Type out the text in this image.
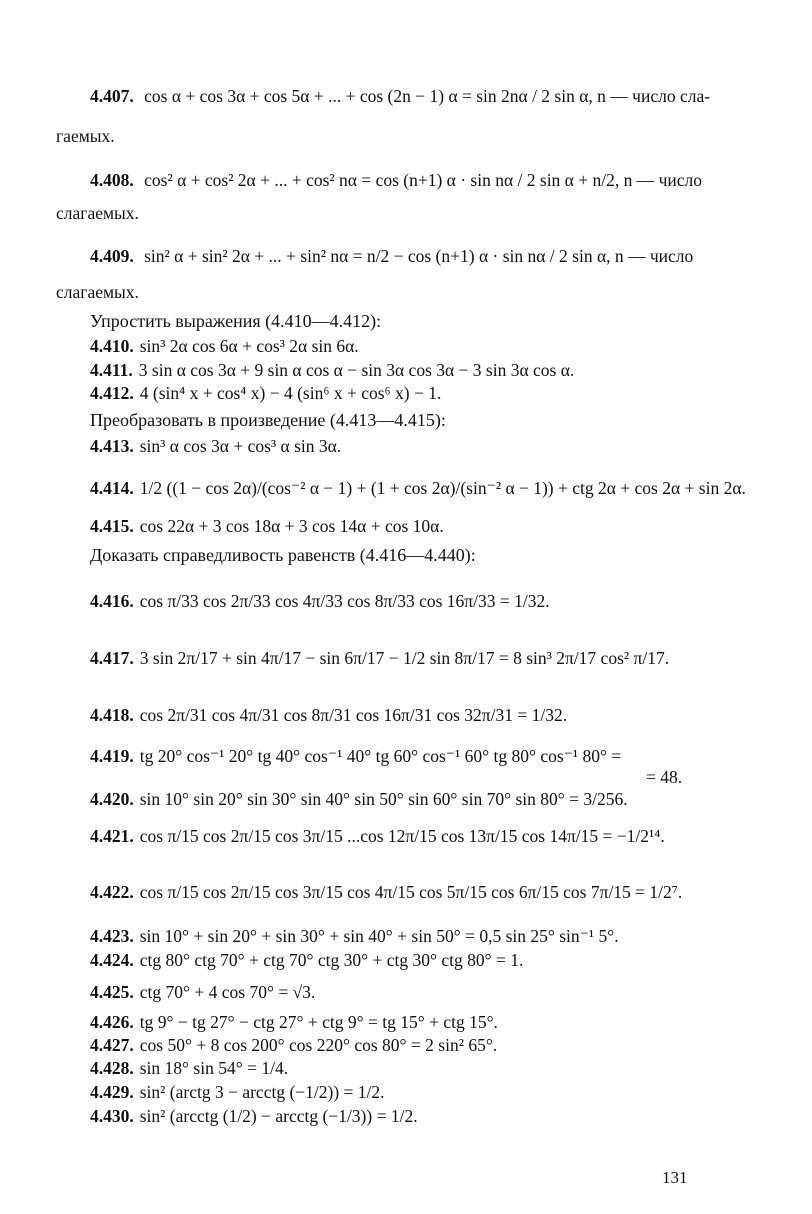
4.407. cos α + cos 3α + cos 5α + ... + cos (2n − 1) α = sin 2nα / 2 sin α, n — число сла-
гаемых.
4.408. cos² α + cos² 2α + ... + cos² nα = cos (n+1) α · sin nα / 2 sin α + n/2, n — число
слагаемых.
4.409. sin² α + sin² 2α + ... + sin² nα = n/2 − cos (n+1) α · sin nα / 2 sin α, n — число
слагаемых.
Упростить выражения (4.410—4.412):
4.410. sin³ 2α cos 6α + cos³ 2α sin 6α.
4.411. 3 sin α cos 3α + 9 sin α cos α − sin 3α cos 3α − 3 sin 3α cos α.
4.412. 4 (sin⁴ x + cos⁴ x) − 4 (sin⁶ x + cos⁶ x) − 1.
Преобразовать в произведение (4.413—4.415):
4.413. sin³ α cos 3α + cos³ α sin 3α.
4.414. 1/2 ((1 − cos 2α)/(cos⁻² α − 1) + (1 + cos 2α)/(sin⁻² α − 1)) + ctg 2α + cos 2α + sin 2α.
4.415. cos 22α + 3 cos 18α + 3 cos 14α + cos 10α.
Доказать справедливость равенств (4.416—4.440):
4.416. cos π/33 cos 2π/33 cos 4π/33 cos 8π/33 cos 16π/33 = 1/32.
4.417. 3 sin 2π/17 + sin 4π/17 − sin 6π/17 − 1/2 sin 8π/17 = 8 sin³ 2π/17 cos² π/17.
4.418. cos 2π/31 cos 4π/31 cos 8π/31 cos 16π/31 cos 32π/31 = 1/32.
4.419. tg 20° cos⁻¹ 20° tg 40° cos⁻¹ 40° tg 60° cos⁻¹ 60° tg 80° cos⁻¹ 80° =
= 48.
4.420. sin 10° sin 20° sin 30° sin 40° sin 50° sin 60° sin 70° sin 80° = 3/256.
4.421. cos π/15 cos 2π/15 cos 3π/15 ...cos 12π/15 cos 13π/15 cos 14π/15 = −1/2¹⁴.
4.422. cos π/15 cos 2π/15 cos 3π/15 cos 4π/15 cos 5π/15 cos 6π/15 cos 7π/15 = 1/2⁷.
4.423. sin 10° + sin 20° + sin 30° + sin 40° + sin 50° = 0,5 sin 25° sin⁻¹ 5°.
4.424. ctg 80° ctg 70° + ctg 70° ctg 30° + ctg 30° ctg 80° = 1.
4.425. ctg 70° + 4 cos 70° = √3.
4.426. tg 9° − tg 27° − ctg 27° + ctg 9° = tg 15° + ctg 15°.
4.427. cos 50° + 8 cos 200° cos 220° cos 80° = 2 sin² 65°.
4.428. sin 18° sin 54° = 1/4.
4.429. sin² (arctg 3 − arcctg (−1/2)) = 1/2.
4.430. sin² (arcctg (1/2) − arcctg (−1/3)) = 1/2.
131
